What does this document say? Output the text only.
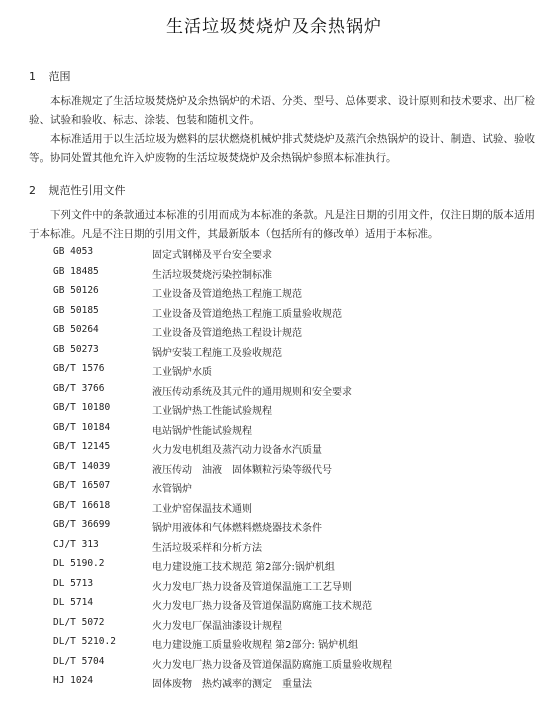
生活垃圾焚烧炉及余热锅炉
1 范围

本标准规定了生活垃圾焚烧炉及余热锅炉的术语、分类、型号、总体要求、设计原则和技术要求、出厂检验、试验和验收、标志、涂装、包装和随机文件。

本标准适用于以生活垃圾为燃料的层状燃烧机械炉排式焚烧炉及蒸汽余热锅炉的设计、制造、试验、验收等。协同处置其他允许入炉废物的生活垃圾焚烧炉及余热锅炉参照本标准执行。

2 规范性引用文件

下列文件中的条款通过本标准的引用而成为本标准的条款。凡是注日期的引用文件，仅注日期的版本适用于本标准。凡是不注日期的引用文件，其最新版本（包括所有的修改单）适用于本标准。

GB 4053	固定式钢梯及平台安全要求
GB 18485	生活垃圾焚烧污染控制标准
GB 50126	工业设备及管道绝热工程施工规范
GB 50185	工业设备及管道绝热工程施工质量验收规范
GB 50264	工业设备及管道绝热工程设计规范
GB 50273	锅炉安装工程施工及验收规范
GB/T 1576	工业锅炉水质
GB/T 3766	液压传动系统及其元件的通用规则和安全要求
GB/T 10180	工业锅炉热工性能试验规程
GB/T 10184	电站锅炉性能试验规程
GB/T 12145	火力发电机组及蒸汽动力设备水汽质量
GB/T 14039	液压传动　油液　固体颗粒污染等级代号
GB/T 16507	水管锅炉
GB/T 16618	工业炉窑保温技术通则
GB/T 36699	锅炉用液体和气体燃料燃烧器技术条件
CJ/T 313	生活垃圾采样和分析方法
DL 5190.2	电力建设施工技术规范 第2部分:锅炉机组
DL 5713	火力发电厂热力设备及管道保温施工工艺导则
DL 5714	火力发电厂热力设备及管道保温防腐施工技术规范
DL/T 5072	火力发电厂保温油漆设计规程
DL/T 5210.2	电力建设施工质量验收规程 第2部分: 锅炉机组
DL/T 5704	火力发电厂热力设备及管道保温防腐施工质量验收规程
HJ 1024	固体废物　热灼减率的测定　重量法
